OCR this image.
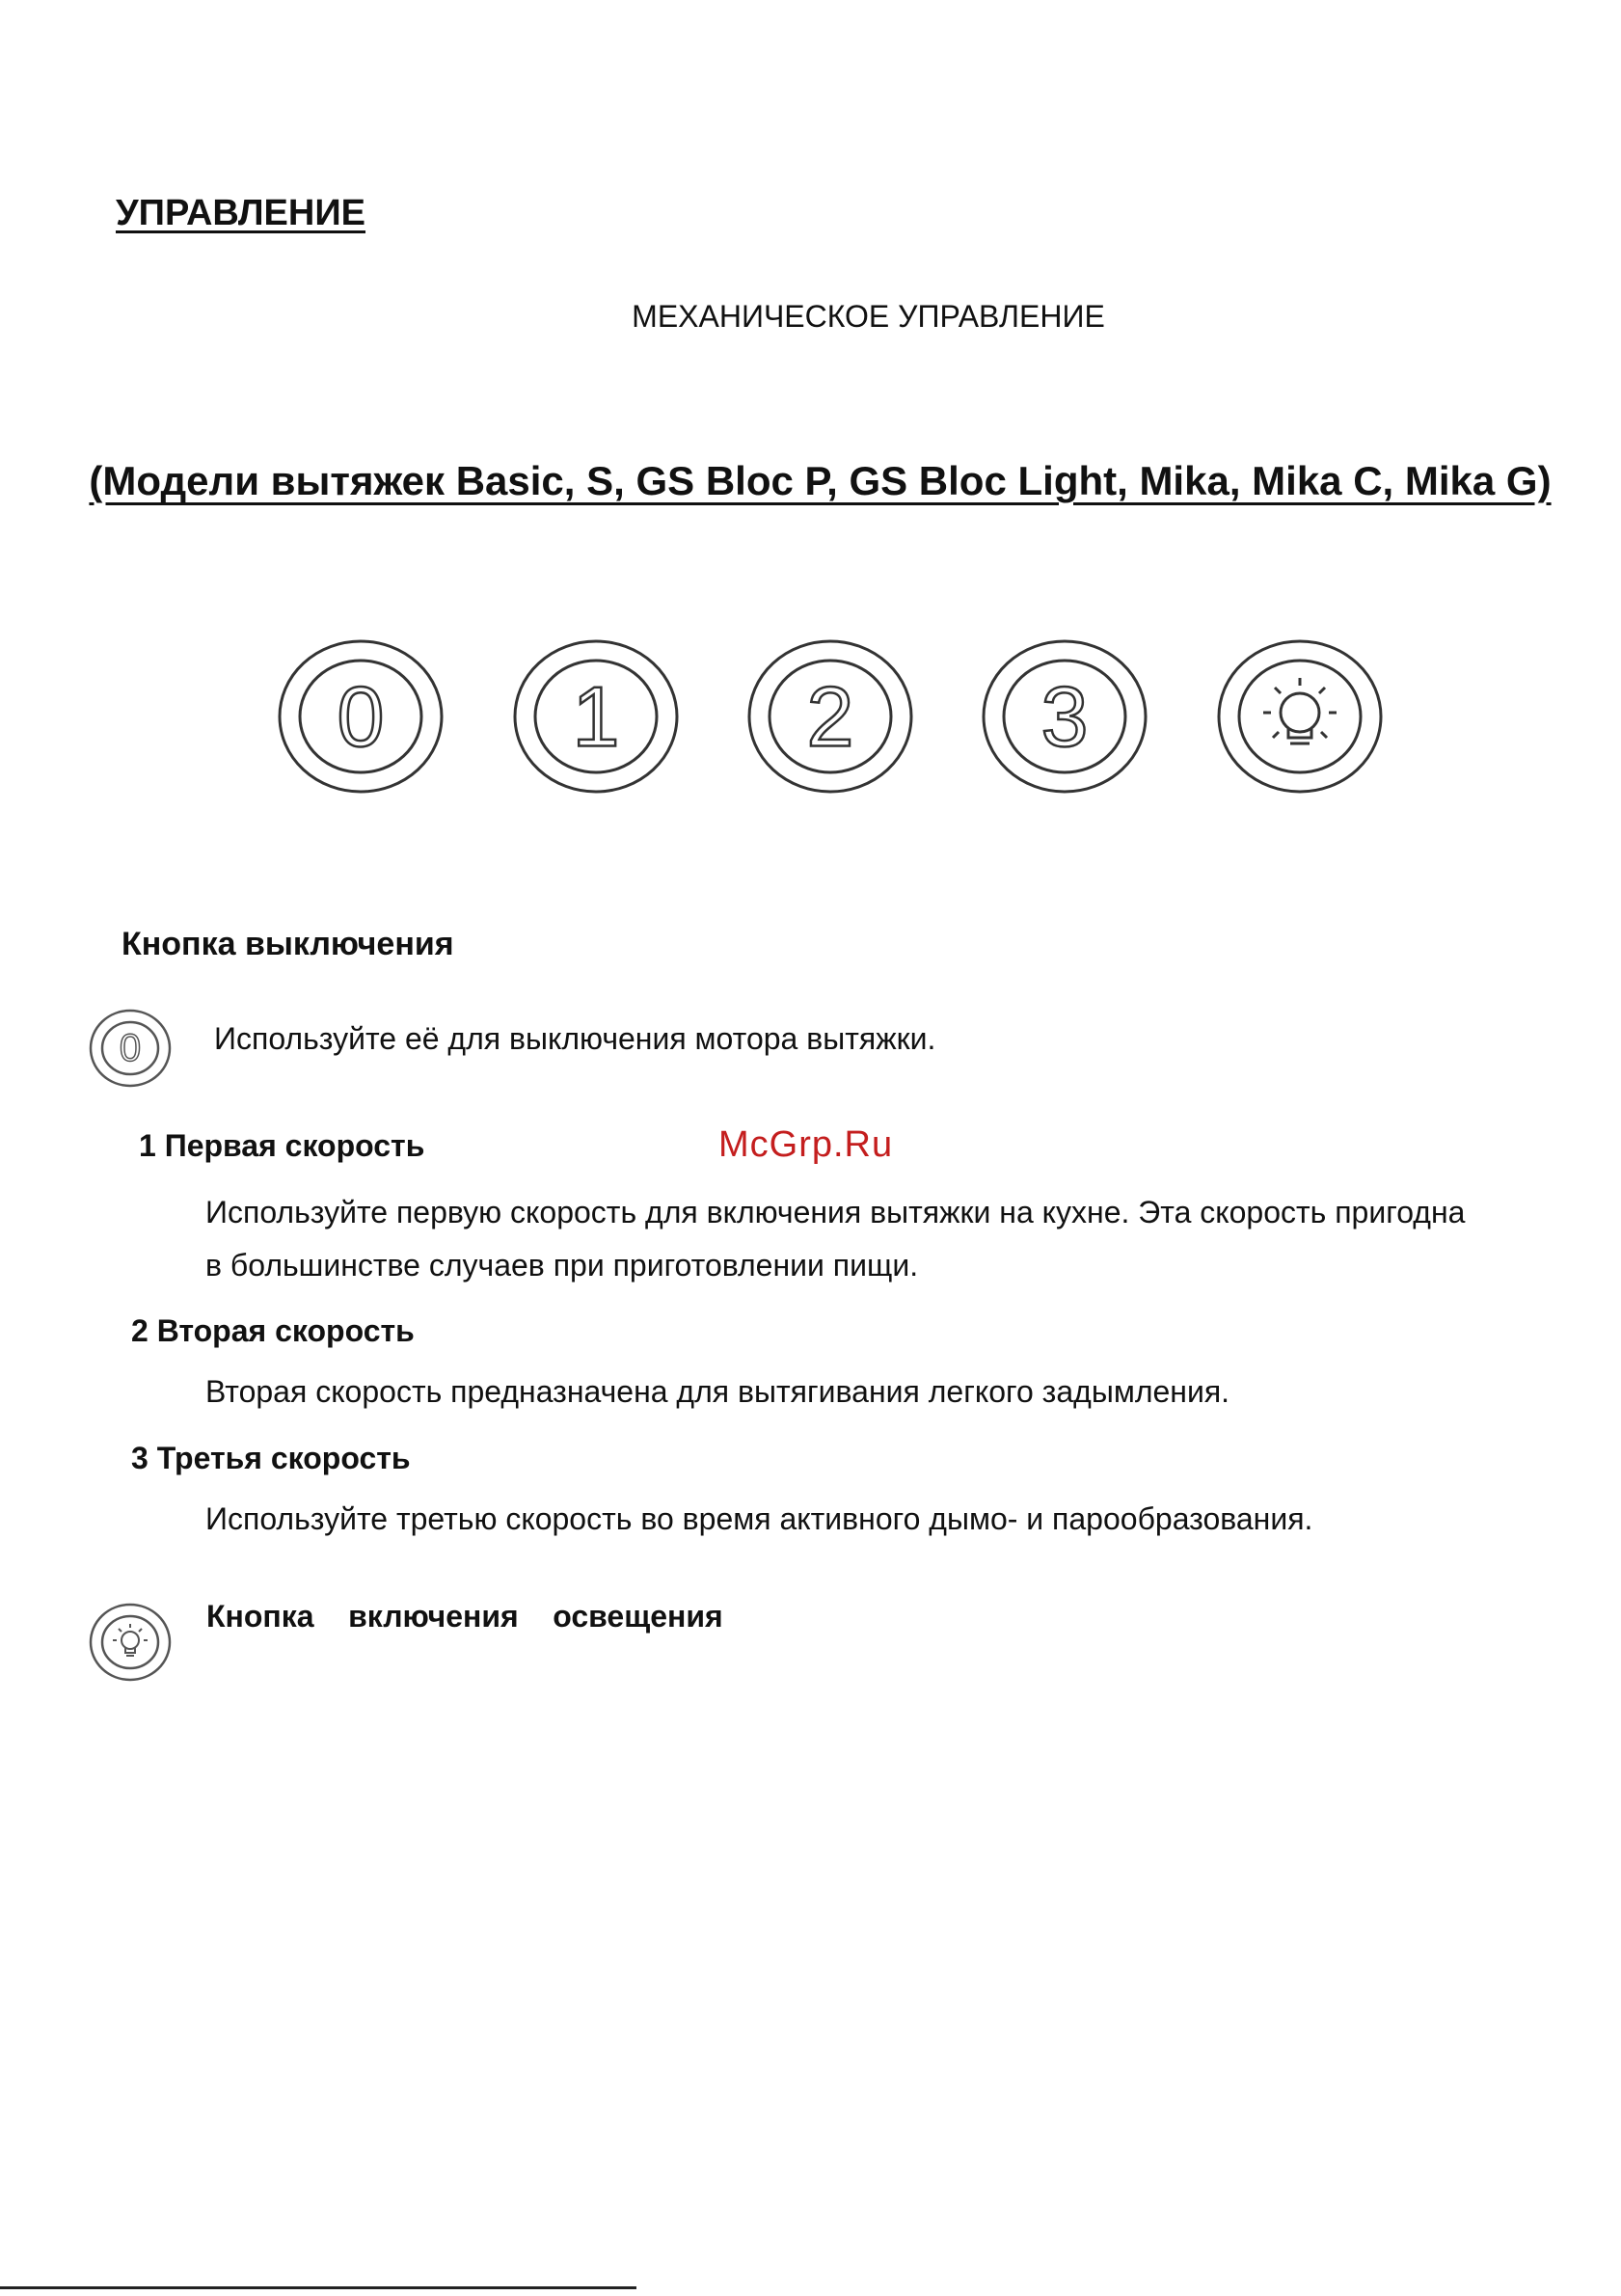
УПРАВЛЕНИЕ
МЕХАНИЧЕСКОЕ УПРАВЛЕНИЕ
(Модели вытяжек Basic, S, GS Bloc P, GS Bloc Light, Mika, Mika C, Mika G)
0 1 2 3
Кнопка выключения
0 Используйте её для выключения мотора вытяжки.
McGrp.Ru
1 Первая скорость
Используйте первую скорость для включения вытяжки на кухне. Эта скорость пригодна
в большинстве случаев при приготовлении пищи.
2 Вторая скорость
Вторая скорость предназначена для вытягивания легкого задымления.
3 Третья скорость
Используйте третью скорость во время активного дымо- и парообразования.
Кнопка    включения    освещения
